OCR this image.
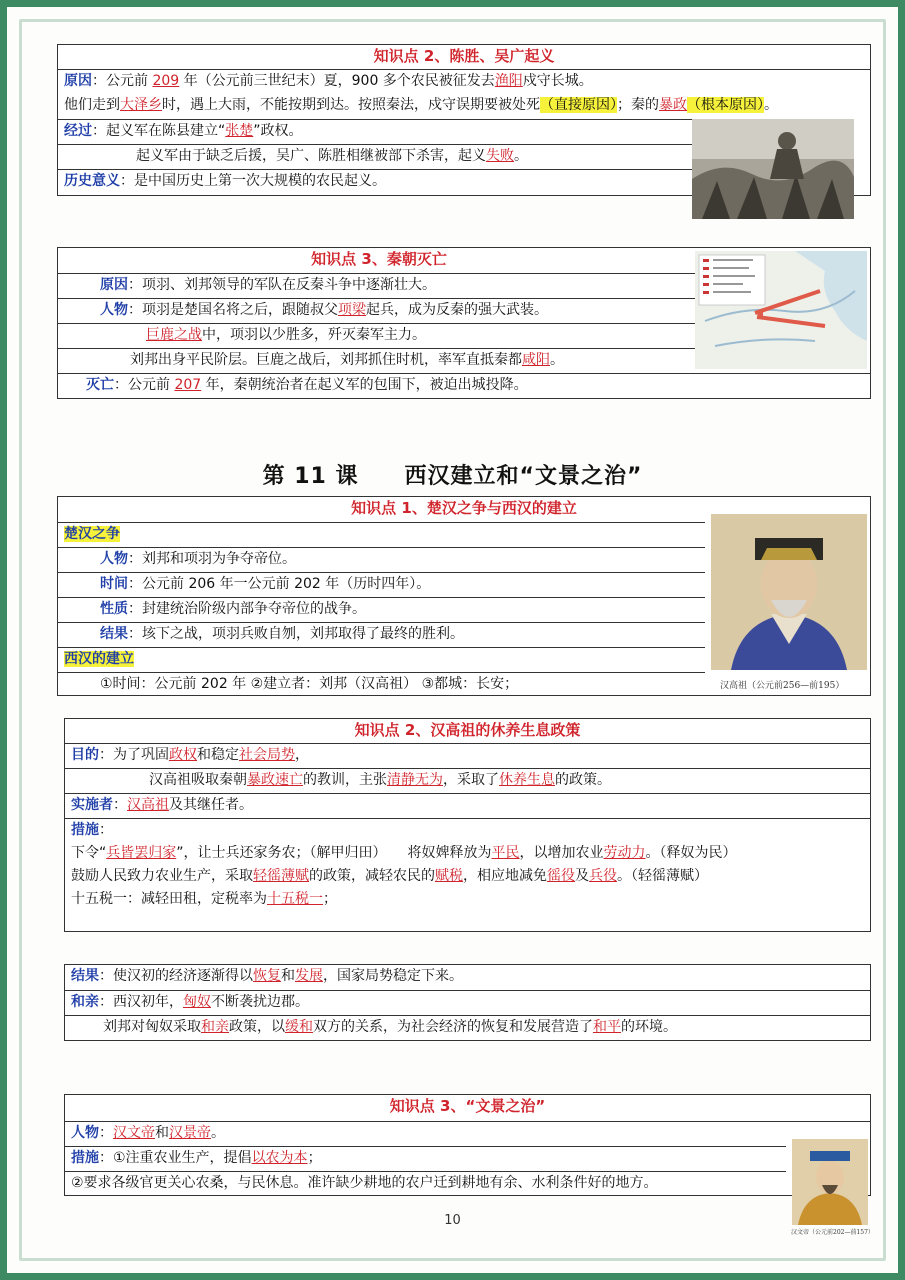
知识点 2、陈胜、吴广起义
原因：公元前 209 年（公元前三世纪末）夏，900 多个农民被征发去渔阳戍守长城。
他们走到大泽乡时，遇上大雨，不能按期到达。按照秦法，戍守误期要被处死（直接原因）；秦的暴政（根本原因）。
经过：起义军在陈县建立“张楚”政权。
起义军由于缺乏后援，吴广、陈胜相继被部下杀害，起义失败。
历史意义：是中国历史上第一次大规模的农民起义。
知识点 3、秦朝灭亡
原因：项羽、刘邦领导的军队在反秦斗争中逐渐壮大。
人物：项羽是楚国名将之后，跟随叔父项梁起兵，成为反秦的强大武装。
巨鹿之战中，项羽以少胜多，歼灭秦军主力。
刘邦出身平民阶层。巨鹿之战后，刘邦抓住时机，率军直抵秦都咸阳。
灭亡：公元前 207 年，秦朝统治者在起义军的包围下，被迫出城投降。
第 11 课　　西汉建立和“文景之治”
知识点 1、楚汉之争与西汉的建立
楚汉之争
人物：刘邦和项羽为争夺帝位。
时间：公元前 206 年一公元前 202 年（历时四年）。
性质：封建统治阶级内部争夺帝位的战争。
结果：垓下之战，项羽兵败自刎，刘邦取得了最终的胜利。
西汉的建立
①时间：公元前 202 年 ②建立者：刘邦（汉高祖） ③都城：长安；	汉高祖（公元前256—前195）
知识点 2、汉高祖的休养生息政策
目的：为了巩固政权和稳定社会局势，
汉高祖吸取秦朝暴政速亡的教训，主张清静无为，采取了休养生息的政策。
实施者：汉高祖及其继任者。
措施：
下令“兵皆罢归家”，让士兵还家务农；（解甲归田）　　将奴婢释放为平民，以增加农业劳动力。（释奴为民）
鼓励人民致力农业生产，采取轻徭薄赋的政策，减轻农民的赋税，相应地减免徭役及兵役。（轻徭薄赋）
十五税一：减轻田租，定税率为十五税一；
结果：使汉初的经济逐渐得以恢复和发展，国家局势稳定下来。
和亲：西汉初年，匈奴不断袭扰边郡。
刘邦对匈奴采取和亲政策，以缓和双方的关系，为社会经济的恢复和发展营造了和平的环境。
知识点 3、“文景之治”
人物：汉文帝和汉景帝。
措施：①注重农业生产，提倡以农为本；
②要求各级官更关心农桑，与民休息。准许缺少耕地的农户迁到耕地有余、水利条件好的地方。
汉文帝（公元前202—前157）
10
